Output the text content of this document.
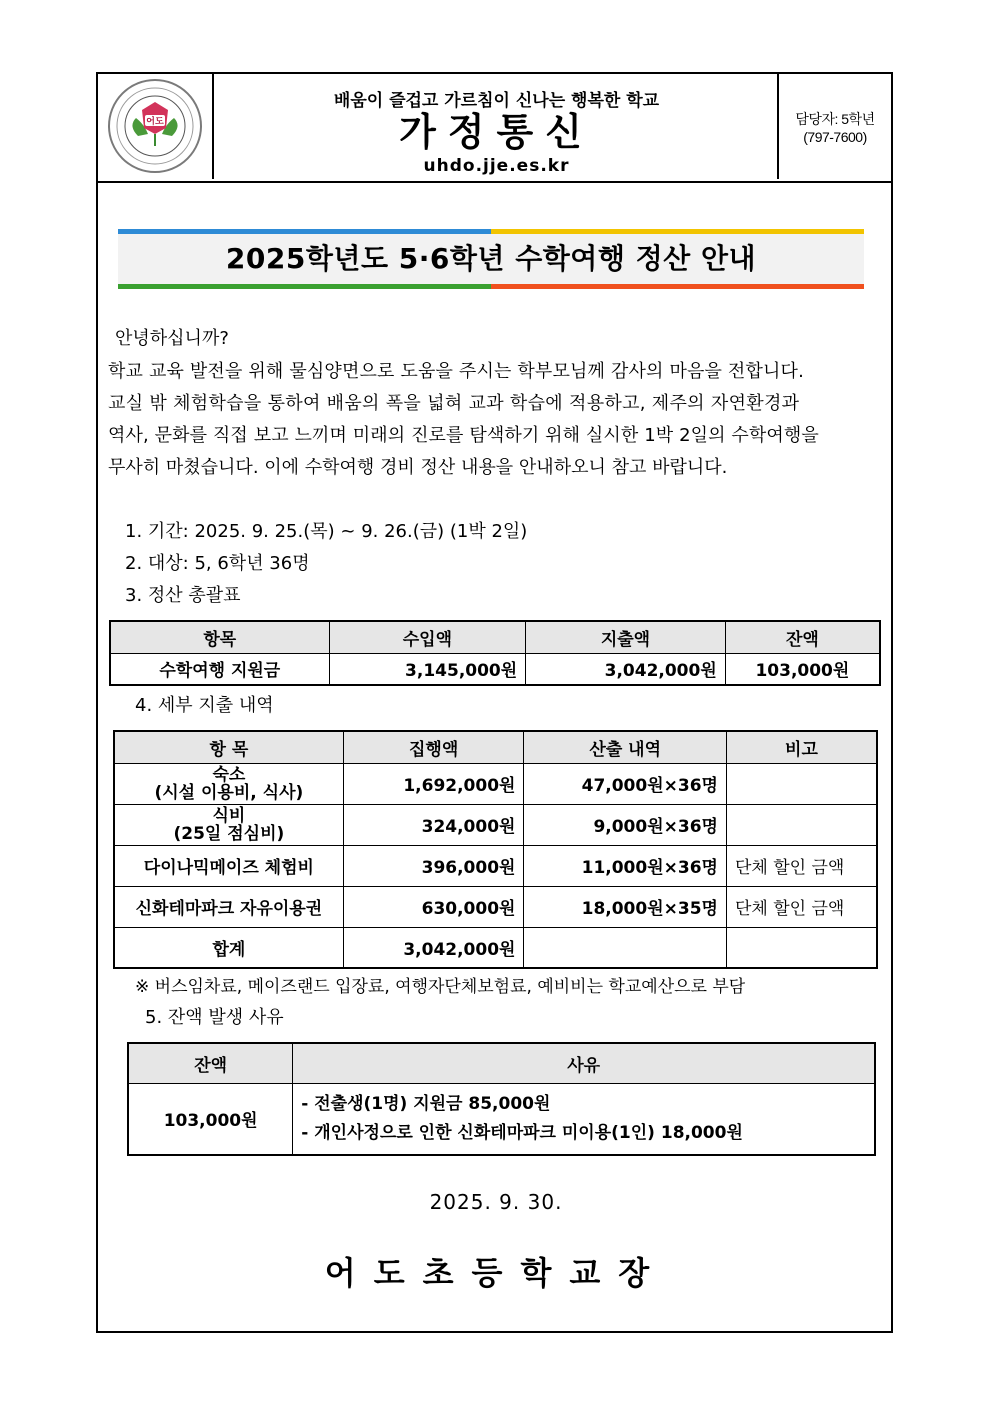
어도
배움이 즐겁고 가르침이 신나는 행복한 학교
가정통신
uhdo.jje.es.kr
담당자: 5학년
(797-7600)
2025학년도 5·6학년 수학여행 정산 안내
안녕하십니까?
학교 교육 발전을 위해 물심양면으로 도움을 주시는 학부모님께 감사의 마음을 전합니다.
교실 밖 체험학습을 통하여 배움의 폭을 넓혀 교과 학습에 적용하고, 제주의 자연환경과
역사, 문화를 직접 보고 느끼며 미래의 진로를 탐색하기 위해 실시한 1박 2일의 수학여행을
무사히 마쳤습니다. 이에 수학여행 경비 정산 내용을 안내하오니 참고 바랍니다.
1. 기간: 2025. 9. 25.(목) ~ 9. 26.(금) (1박 2일)
2. 대상: 5, 6학년 36명
3. 정산 총괄표
항목	수입액	지출액	잔액
수학여행 지원금	3,145,000원	3,042,000원	103,000원
4. 세부 지출 내역
항 목	집행액	산출 내역	비고

숙소
(시설 이용비, 식사)	1,692,000원	47,000원×36명	

식비
(25일 점심비)	324,000원	9,000원×36명	
다이나믹메이즈 체험비	396,000원	11,000원×36명	단체 할인 금액
신화테마파크 자유이용권	630,000원	18,000원×35명	단체 할인 금액
합계	3,042,000원		
※ 버스임차료, 메이즈랜드 입장료, 여행자단체보험료, 예비비는 학교예산으로 부담
5. 잔액 발생 사유
잔액	사유
103,000원	- 전출생(1명) 지원금 85,000원
- 개인사정으로 인한 신화테마파크 미이용(1인) 18,000원
2025. 9. 30.
어도초등학교장
